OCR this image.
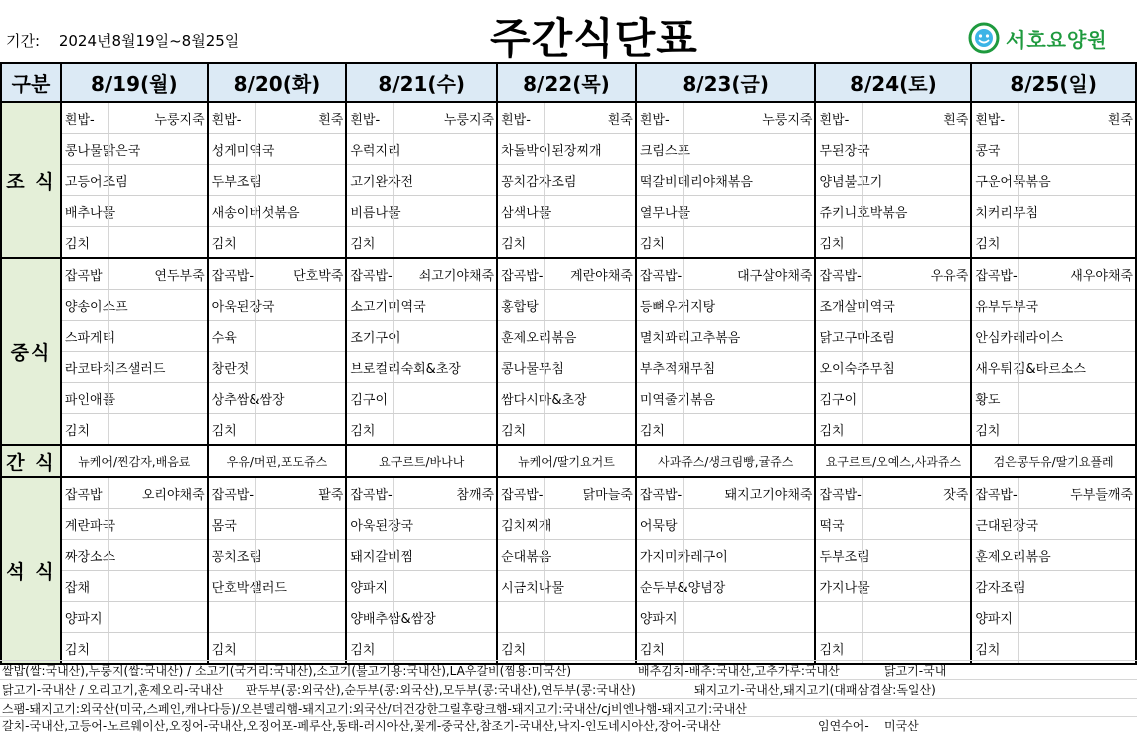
기간: 2024년8월19일~8월25일	주간식단표	서호요양원
구분	8/19(월)	8/20(화)	8/21(수)	8/22(목)	8/23(금)	8/24(토)	8/25(일)
조 식	흰밥- 누룽지죽	흰밥- 흰죽	흰밥- 누룽지죽	흰밥- 흰죽	흰밥- 누룽지죽	흰밥- 흰죽	흰밥- 흰죽

	콩나물맑은국	성게미역국	우럭지리	차돌박이된장찌개	크림스프	무된장국	콩국

	고등어조림	두부조림	고기완자전	꽁치감자조림	떡갈비데리야채볶음	양념불고기	구운어묵볶음

	배추나물	새송이버섯볶음	비름나물	삼색나물	열무나물	쥬키니호박볶음	치커리무침

	김치	김치	김치	김치	김치	김치	김치

중식	잡곡밥 연두부죽	잡곡밥- 단호박죽	잡곡밥- 쇠고기야채죽	잡곡밥- 계란야채죽	잡곡밥- 대구살야채죽	잡곡밥- 우유죽	잡곡밥- 새우야채죽

	양송이스프	아욱된장국	소고기미역국	홍합탕	등뼈우거지탕	조개살미역국	유부두부국

	스파게티	수육	조기구이	훈제오리볶음	멸치꽈리고추볶음	닭고구마조림	안심카레라이스

	라코타치즈샐러드	창란젓	브로컬리숙회&초장	콩나물무침	부추적채무침	오이숙주무침	새우튀김&타르소스

	파인애플	상추쌈&쌈장	김구이	쌈다시마&초장	미역줄기볶음	김구이	황도

	김치	김치	김치	김치	김치	김치	김치

간 식	뉴케어/찐감자,배음료	우유/머핀,포도쥬스	요구르트/바나나	뉴케어/딸기요거트	사과쥬스/생크림빵,귤쥬스	요구르트/오예스,사과쥬스	검은콩두유/딸기요플레
석 식	잡곡밥 오리야채죽	잡곡밥- 팥죽	잡곡밥- 참깨죽	잡곡밥- 닭마늘죽	잡곡밥- 돼지고기야채죽	잡곡밥- 잣죽	잡곡밥- 두부들깨죽

	계란파국	몸국	아욱된장국	김치찌개	어묵탕	떡국	근대된장국

	짜장소스	꽁치조림	돼지갈비찜	순대볶음	가지미카레구이	두부조림	훈제오리볶음

	잡채	단호박샐러드	양파지	시금치나물	순두부&양념장	가지나물	감자조림

	양파지		양배추쌈&쌈장		양파지		양파지

	김치	김치	김치	김치	김치	김치	김치
쌀밥(쌀:국내산),누룽지(쌀:국내산) / 소고기(국거리:국내산),소고기(불고기용:국내산),LA우갈비(찜용:미국산)	배추김치-배추:국내산,고추가루:국내산	닭고기-국내
닭고기-국내산 / 오리고기,훈제오리-국내산 판두부(콩:외국산),순두부(콩:외국산),모두부(콩:국내산),연두부(콩:국내산)	돼지고기-국내산,돼지고기(대패삼겹살:독일산)
스팸-돼지고기:외국산(미국,스페인,캐나다등)/오븐델리햄-돼지고기:외국산/더건강한그릴후랑크햄-돼지고기:국내산/cj비엔나햄-돼지고기:국내산
갈치-국내산,고등어-노르웨이산,오징어-국내산,오징어포-페루산,동태-러시아산,꽃게-중국산,참조기-국내산,낙지-인도네시아산,장어-국내산	임연수어- 미국산
